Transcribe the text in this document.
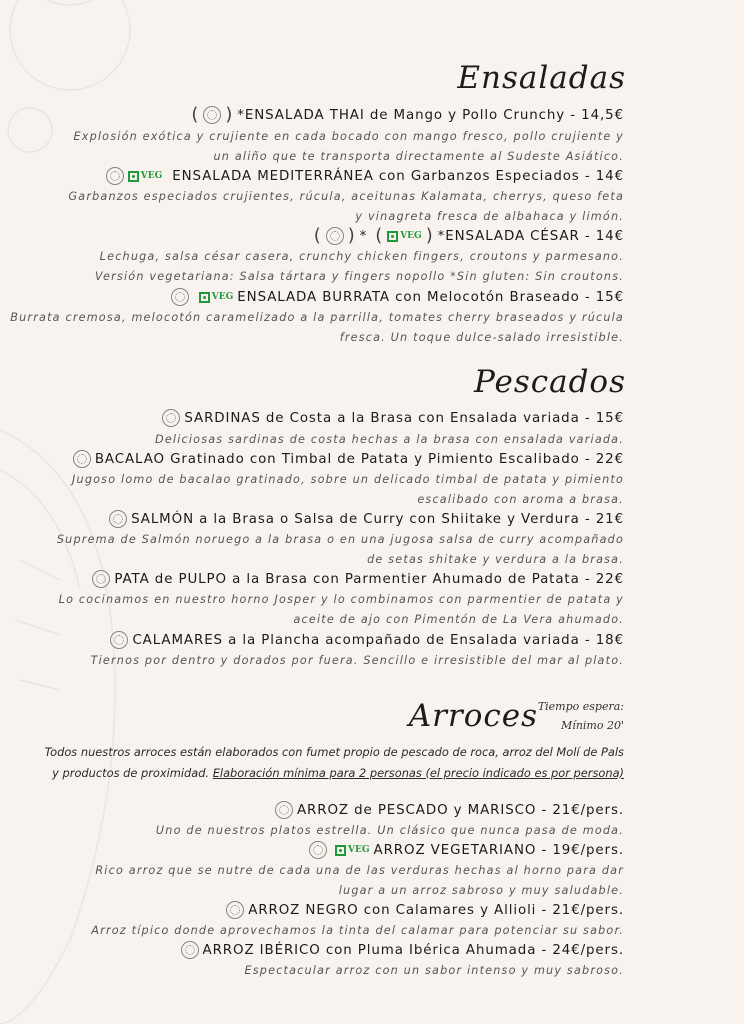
Ensaladas
( ) *ENSALADA THAI de Mango y Pollo Crunchy - 14,5€
Explosión exótica y crujiente en cada bocado con mango fresco, pollo crujiente y
un aliño que te transporta directamente al Sudeste Asiático.
VEG ENSALADA MEDITERRÁNEA con Garbanzos Especiados - 14€
Garbanzos especiados crujientes, rúcula, aceitunas Kalamata, cherrys, queso feta
y vinagreta fresca de albahaca y limón.
( ) * ( VEG ) *ENSALADA CÉSAR - 14€
Lechuga, salsa césar casera, crunchy chicken fingers, croutons y parmesano.
Versión vegetariana: Salsa tártara y fingers nopollo *Sin gluten: Sin croutons.
VEG ENSALADA BURRATA con Melocotón Braseado - 15€
Burrata cremosa, melocotón caramelizado a la parrilla, tomates cherry braseados y rúcula
fresca. Un toque dulce-salado irresistible.
Pescados
SARDINAS de Costa a la Brasa con Ensalada variada - 15€
Deliciosas sardinas de costa hechas a la brasa con ensalada variada.
BACALAO Gratinado con Timbal de Patata y Pimiento Escalibado - 22€
Jugoso lomo de bacalao gratinado, sobre un delicado timbal de patata y pimiento
escalibado con aroma a brasa.
SALMÓN a la Brasa o Salsa de Curry con Shiitake y Verdura - 21€
Suprema de Salmón noruego a la brasa o en una jugosa salsa de curry acompañado
de setas shitake y verdura a la brasa.
PATA de PULPO a la Brasa con Parmentier Ahumado de Patata - 22€
Lo cocinamos en nuestro horno Josper y lo combinamos con parmentier de patata y
aceite de ajo con Pimentón de La Vera ahumado.
CALAMARES a la Plancha acompañado de Ensalada variada - 18€
Tiernos por dentro y dorados por fuera. Sencillo e irresistible del mar al plato.
Arroces Tiempo espera:
Mínimo 20'
Todos nuestros arroces están elaborados con fumet propio de pescado de roca, arroz del Molí de Pals
y productos de proximidad. Elaboración mínima para 2 personas (el precio indicado es por persona)
ARROZ de PESCADO y MARISCO - 21€/pers.
Uno de nuestros platos estrella. Un clásico que nunca pasa de moda.
VEG ARROZ VEGETARIANO - 19€/pers.
Rico arroz que se nutre de cada una de las verduras hechas al horno para dar
lugar a un arroz sabroso y muy saludable.
ARROZ NEGRO con Calamares y Allioli - 21€/pers.
Arroz típico donde aprovechamos la tinta del calamar para potenciar su sabor.
ARROZ IBÉRICO con Pluma Ibérica Ahumada - 24€/pers.
Espectacular arroz con un sabor intenso y muy sabroso.
